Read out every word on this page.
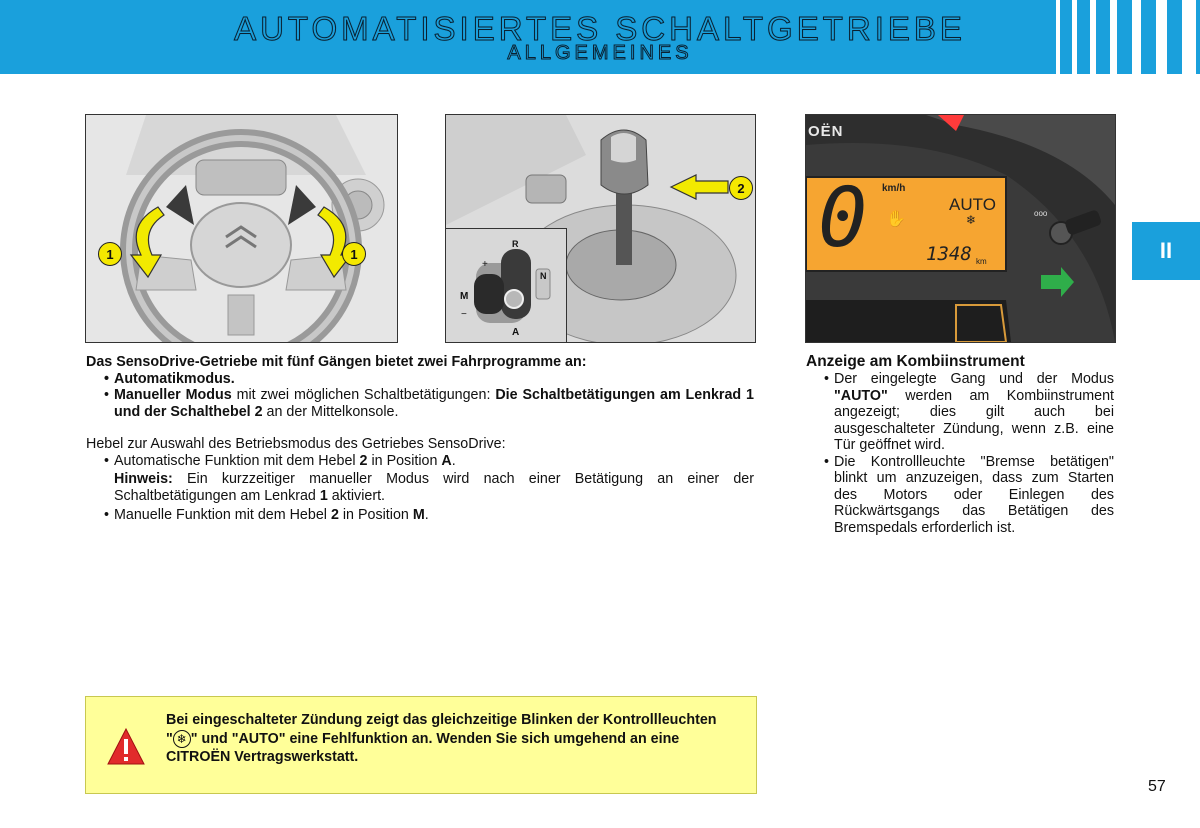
AUTOMATISIERTES SCHALTGETRIEBE
ALLGEMEINES
II
1	1
2
+
M
−
N
R
A
OËN
0 km/h
✋
AUTO
❄
1348 km
ooo

Das SensoDrive-Getriebe mit fünf Gängen bietet zwei Fahrprogramme an:

• Automatikmodus.

• Manueller Modus mit zwei möglichen Schaltbetätigungen: Die Schaltbetätigungen am Lenkrad 1 und der Schalthebel 2 an der Mittelkonsole.

Hebel zur Auswahl des Betriebsmodus des Getriebes SensoDrive:

• Automatische Funktion mit dem Hebel 2 in Position A.

Hinweis: Ein kurzzeitiger manueller Modus wird nach einer Betätigung an einer der Schaltbetätigungen am Lenkrad 1 aktiviert.

• Manuelle Funktion mit dem Hebel 2 in Position M.

Anzeige am Kombiinstrument

• Der eingelegte Gang und der Modus "AUTO" werden am Kombiinstrument angezeigt; dies gilt auch bei ausgeschalteter Zündung, wenn z.B. eine Tür geöffnet wird.

• Die Kontrollleuchte "Bremse betätigen" blinkt um anzuzeigen, dass zum Starten des Motors oder Einlegen des Rückwärtsgangs das Betätigen des Bremspedals erforderlich ist.

Bei eingeschalteter Zündung zeigt das gleichzeitige Blinken der Kontrollleuchten
" ❄ " und "AUTO" eine Fehlfunktion an. Wenden Sie sich umgehend an eine
CITROËN Vertragswerkstatt.
57
